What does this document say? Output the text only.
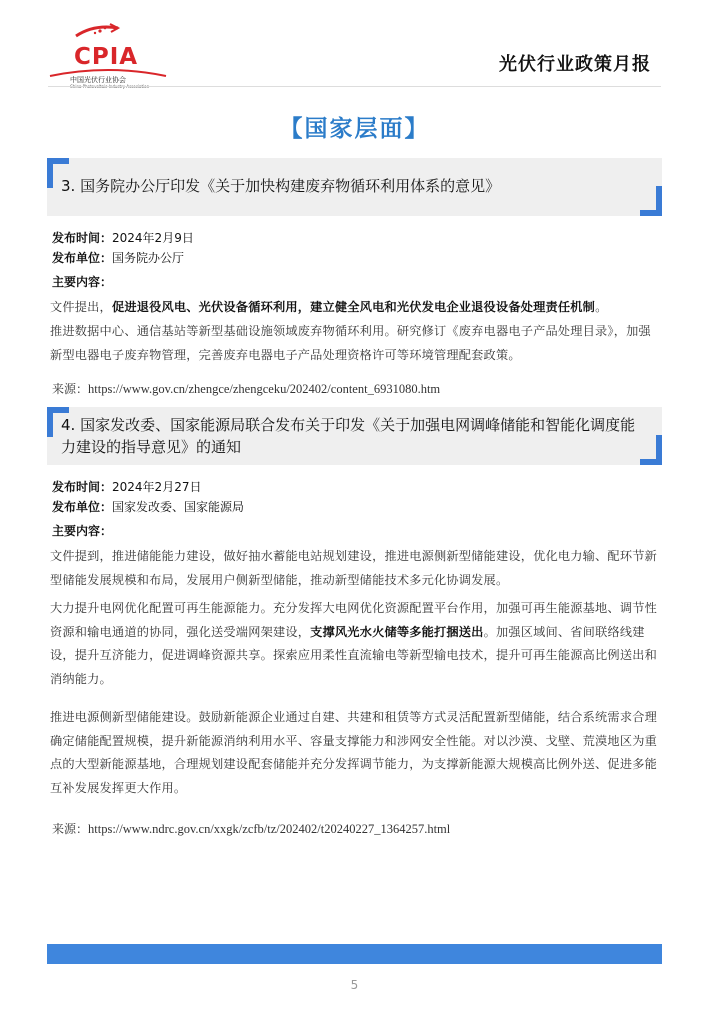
CPIA
中国光伏行业协会
光伏行业政策月报
【国家层面】
3. 国务院办公厅印发《关于加快构建废弃物循环利用体系的意见》
发布时间：2024年2月9日
发布单位：国务院办公厅
主要内容：
文件提出，促进退役风电、光伏设备循环利用，建立健全风电和光伏发电企业退役设备处理责任机制。
推进数据中心、通信基站等新型基础设施领域废弃物循环利用。研究修订《废弃电器电子产品处理目录》，加强新型电器电子废弃物管理，完善废弃电器电子产品处理资格许可等环境管理配套政策。
来源：https://www.gov.cn/zhengce/zhengceku/202402/content_6931080.htm
4. 国家发改委、国家能源局联合发布关于印发《关于加强电网调峰储能和智能化调度能力建设的指导意见》的通知
发布时间：2024年2月27日
发布单位：国家发改委、国家能源局
主要内容：
文件提到，推进储能能力建设，做好抽水蓄能电站规划建设，推进电源侧新型储能建设，优化电力输、配环节新型储能发展规模和布局，发展用户侧新型储能，推动新型储能技术多元化协调发展。
大力提升电网优化配置可再生能源能力。充分发挥大电网优化资源配置平台作用，加强可再生能源基地、调节性资源和输电通道的协同，强化送受端网架建设，支撑风光水火储等多能打捆送出。加强区域间、省间联络线建设，提升互济能力，促进调峰资源共享。探索应用柔性直流输电等新型输电技术，提升可再生能源高比例送出和消纳能力。
推进电源侧新型储能建设。鼓励新能源企业通过自建、共建和租赁等方式灵活配置新型储能，结合系统需求合理确定储能配置规模，提升新能源消纳利用水平、容量支撑能力和涉网安全性能。对以沙漠、戈壁、荒漠地区为重点的大型新能源基地，合理规划建设配套储能并充分发挥调节能力，为支撑新能源大规模高比例外送、促进多能互补发展发挥更大作用。
来源：https://www.ndrc.gov.cn/xxgk/zcfb/tz/202402/t20240227_1364257.html
5
